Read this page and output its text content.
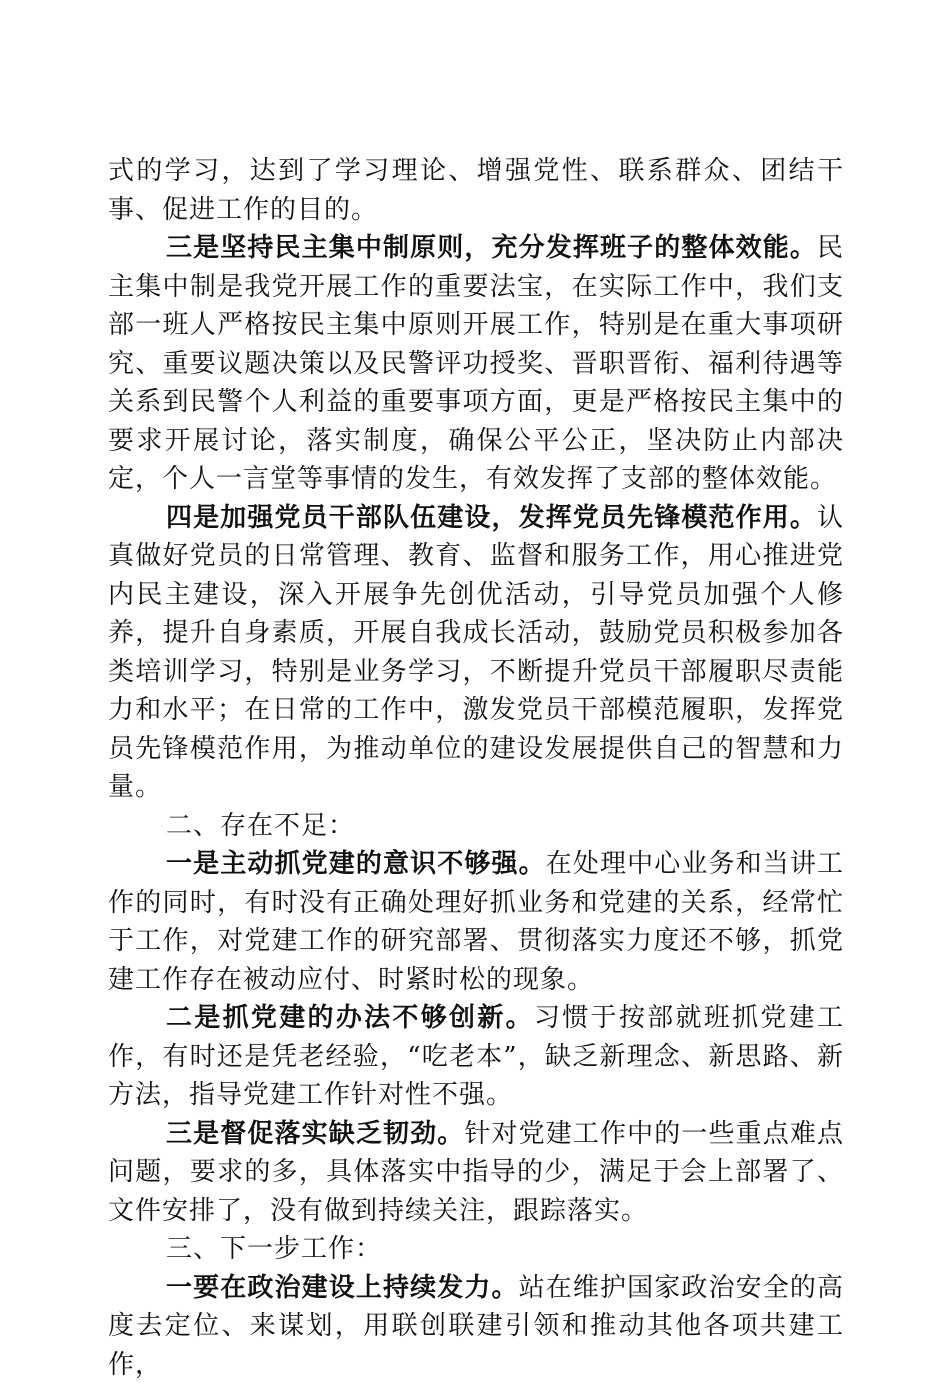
式的学习，达到了学习理论、增强党性、联系群众、团结干事、促进工作的目的。

三是坚持民主集中制原则，充分发挥班子的整体效能。民主集中制是我党开展工作的重要法宝，在实际工作中，我们支部一班人严格按民主集中原则开展工作，特别是在重大事项研究、重要议题决策以及民警评功授奖、晋职晋衔、福利待遇等关系到民警个人利益的重要事项方面，更是严格按民主集中的要求开展讨论，落实制度，确保公平公正，坚决防止内部决定，个人一言堂等事情的发生，有效发挥了支部的整体效能。

四是加强党员干部队伍建设，发挥党员先锋模范作用。认真做好党员的日常管理、教育、监督和服务工作，用心推进党内民主建设，深入开展争先创优活动，引导党员加强个人修养，提升自身素质，开展自我成长活动，鼓励党员积极参加各类培训学习，特别是业务学习，不断提升党员干部履职尽责能力和水平；在日常的工作中，激发党员干部模范履职，发挥党员先锋模范作用，为推动单位的建设发展提供自己的智慧和力量。

二、存在不足：

一是主动抓党建的意识不够强。在处理中心业务和当讲工作的同时，有时没有正确处理好抓业务和党建的关系，经常忙于工作，对党建工作的研究部署、贯彻落实力度还不够，抓党建工作存在被动应付、时紧时松的现象。

二是抓党建的办法不够创新。习惯于按部就班抓党建工作，有时还是凭老经验，“吃老本”，缺乏新理念、新思路、新方法，指导党建工作针对性不强。

三是督促落实缺乏韧劲。针对党建工作中的一些重点难点问题，要求的多，具体落实中指导的少，满足于会上部署了、文件安排了，没有做到持续关注，跟踪落实。

三、下一步工作：

一要在政治建设上持续发力。站在维护国家政治安全的高度去定位、来谋划，用联创联建引领和推动其他各项共建工作，
